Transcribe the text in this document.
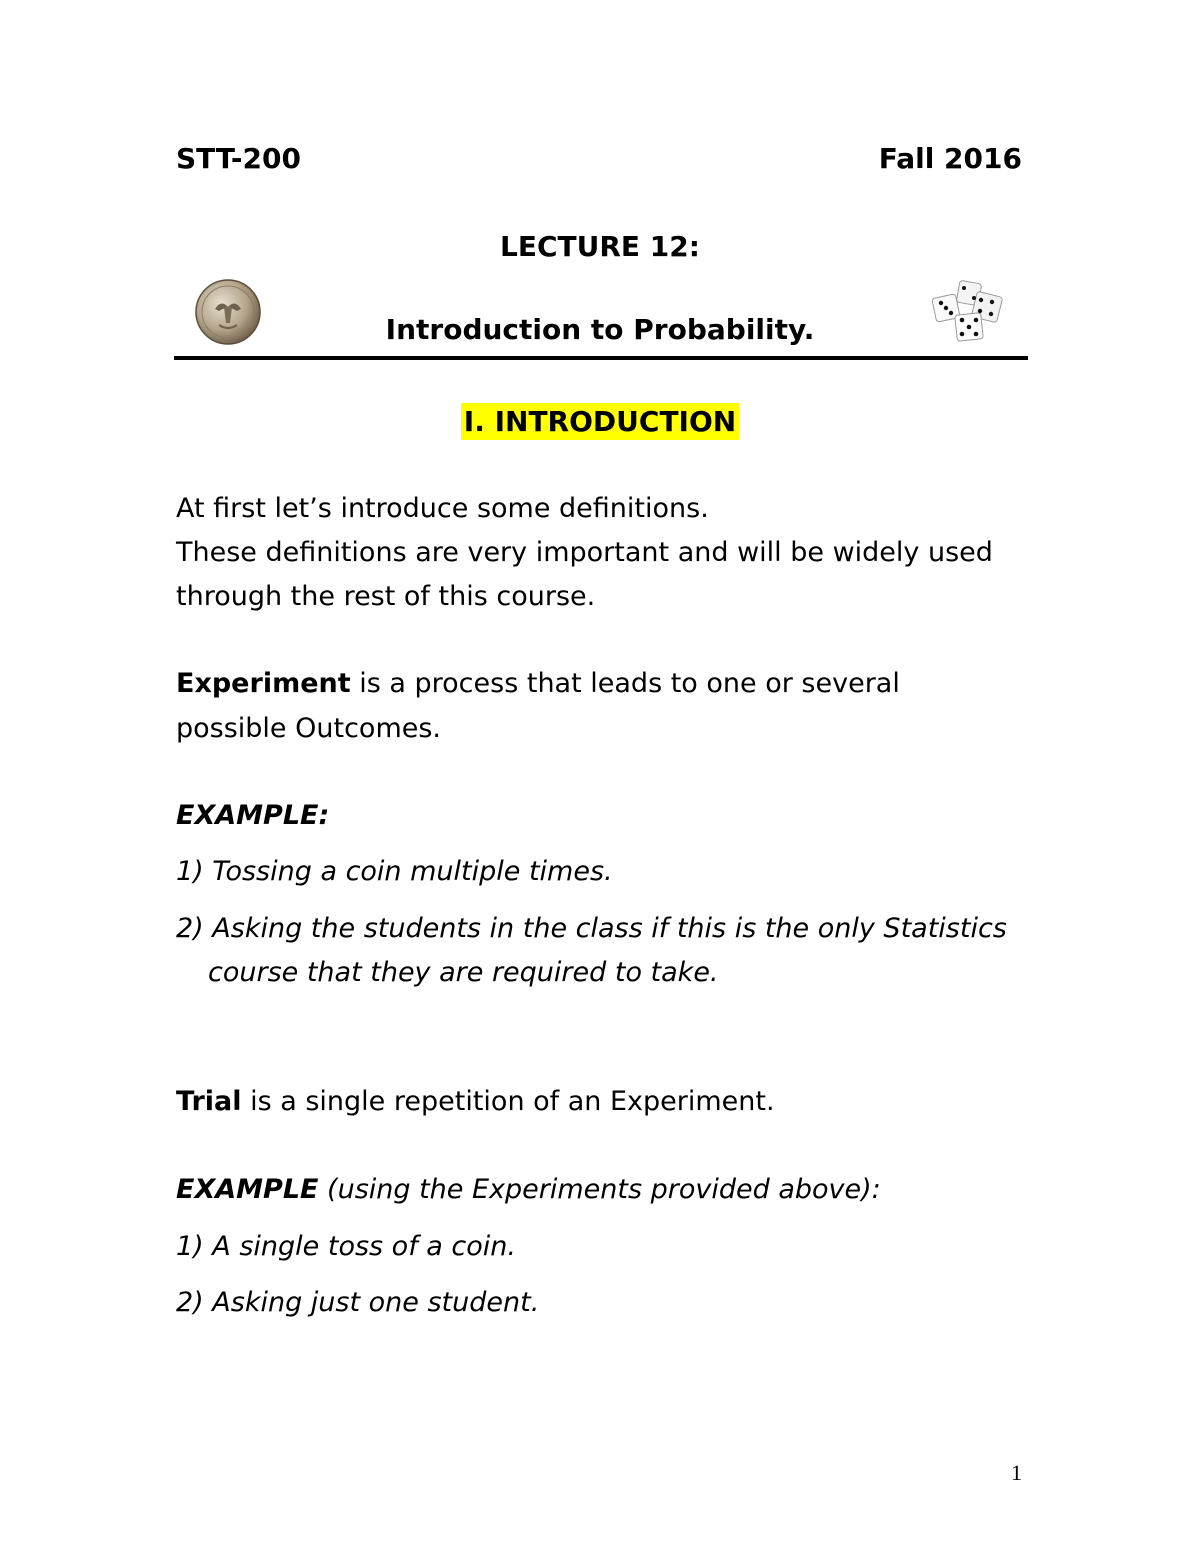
STT-200	Fall 2016
LECTURE 12:
Introduction to Probability.
I. INTRODUCTION
At first let’s introduce some definitions.
These definitions are very important and will be widely used
through the rest of this course.
Experiment is a process that leads to one or several
possible Outcomes.
EXAMPLE:
1) Tossing a coin multiple times.
2) Asking the students in the class if this is the only Statistics
course that they are required to take.
Trial is a single repetition of an Experiment.
EXAMPLE (using the Experiments provided above):
1) A single toss of a coin.
2) Asking just one student.
1
